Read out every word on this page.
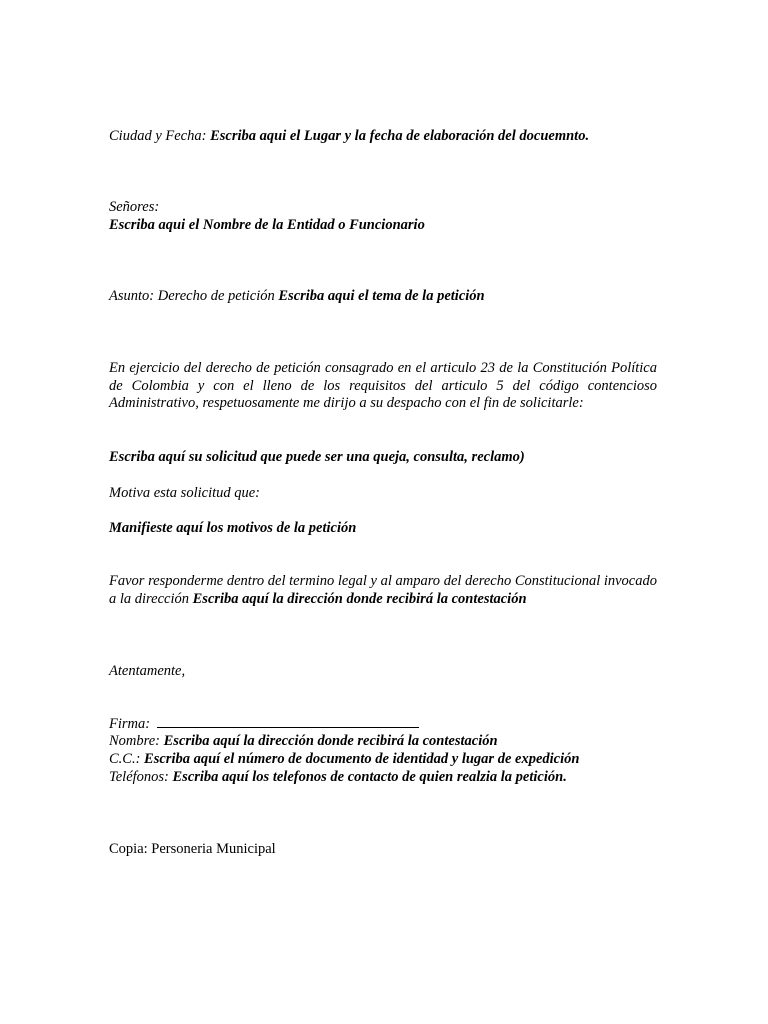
Ciudad y Fecha: Escriba aqui el Lugar y la fecha de elaboración del docuemnto.
Señores:
Escriba aqui el Nombre de la Entidad o Funcionario
Asunto: Derecho de petición Escriba aqui el tema de la petición
En ejercicio del derecho de petición consagrado en el articulo 23 de la Constitución Política de Colombia y con el lleno de los requisitos del articulo 5 del código contencioso Administrativo, respetuosamente me dirijo a su despacho con el fin de solicitarle:
Escriba aquí su solicitud que puede ser una queja, consulta, reclamo)
Motiva esta solicitud que:
Manifieste aquí los motivos de la petición
Favor responderme dentro del termino legal y al amparo del derecho Constitucional invocado a la dirección Escriba aquí la dirección donde recibirá la contestación
Atentamente,
Firma:
Nombre: Escriba aquí la dirección donde recibirá la contestación
C.C.: Escriba aquí el número de documento de identidad y lugar de expedición
Teléfonos: Escriba aquí los telefonos de contacto de quien realzia la petición.
Copia: Personeria Municipal
